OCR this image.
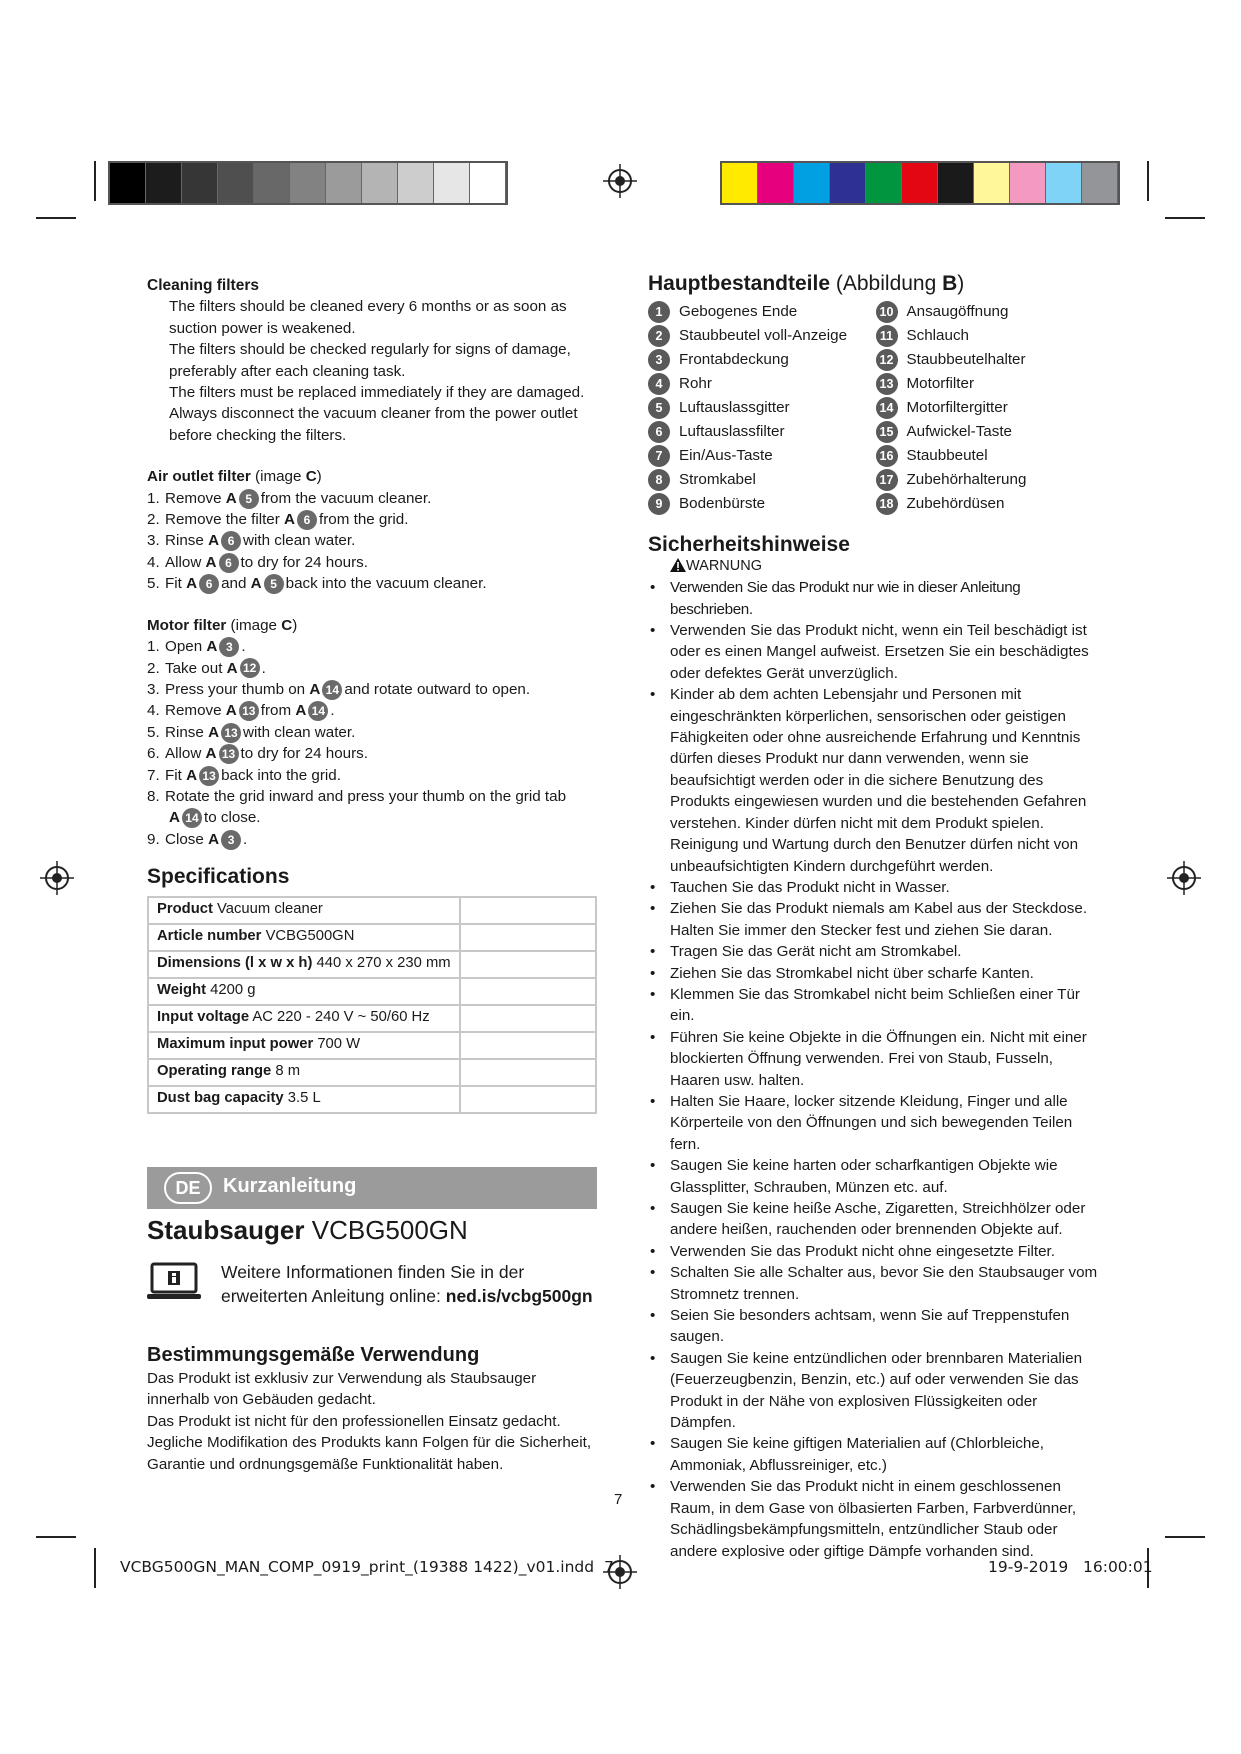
Cleaning filters
The filters should be cleaned every 6 months or as soon as suction power is weakened.
The filters should be checked regularly for signs of damage, preferably after each cleaning task.
The filters must be replaced immediately if they are damaged.
Always disconnect the vacuum cleaner from the power outlet before checking the filters.
Air outlet filter (image C)
1. Remove A 5 from the vacuum cleaner.
2. Remove the filter A 6 from the grid.
3. Rinse A 6 with clean water.
4. Allow A 6 to dry for 24 hours.
5. Fit A 6 and A 5 back into the vacuum cleaner.
Motor filter (image C)
1. Open A 3 .
2. Take out A 12 .
3. Press your thumb on A 14 and rotate outward to open.
4. Remove A 13 from A 14 .
5. Rinse A 13 with clean water.
6. Allow A 13 to dry for 24 hours.
7. Fit A 13 back into the grid.
8. Rotate the grid inward and press your thumb on the grid tab
A 14 to close.
9. Close A 3 .
Specifications
Product Vacuum cleaner	
Article number VCBG500GN	
Dimensions (l x w x h) 440 x 270 x 230 mm	
Weight 4200 g	
Input voltage AC 220 - 240 V ~ 50/60 Hz	
Maximum input power 700 W	
Operating range 8 m	
Dust bag capacity 3.5 L	
DE	Kurzanleitung
Staubsauger VCBG500GN
Weitere Informationen finden Sie in der
erweiterten Anleitung online: ned.is/vcbg500gn
Bestimmungsgemäße Verwendung
Das Produkt ist exklusiv zur Verwendung als Staubsauger innerhalb von Gebäuden gedacht.
Das Produkt ist nicht für den professionellen Einsatz gedacht.
Jegliche Modifikation des Produkts kann Folgen für die Sicherheit, Garantie und ordnungsgemäße Funktionalität haben.
Hauptbestandteile (Abbildung B)
1 Gebogenes Ende
2 Staubbeutel voll-Anzeige
3 Frontabdeckung
4 Rohr
5 Luftauslassgitter
6 Luftauslassfilter
7 Ein/Aus-Taste
8 Stromkabel
9 Bodenbürste
10 Ansaugöffnung
11 Schlauch
12 Staubbeutelhalter
13 Motorfilter
14 Motorfiltergitter
15 Aufwickel-Taste
16 Staubbeutel
17 Zubehörhalterung
18 Zubehördüsen
Sicherheitshinweise
WARNUNG
• Verwenden Sie das Produkt nur wie in dieser Anleitung beschrieben.
• Verwenden Sie das Produkt nicht, wenn ein Teil beschädigt ist oder es einen Mangel aufweist. Ersetzen Sie ein beschädigtes oder defektes Gerät unverzüglich.
• Kinder ab dem achten Lebensjahr und Personen mit eingeschränkten körperlichen, sensorischen oder geistigen Fähigkeiten oder ohne ausreichende Erfahrung und Kenntnis dürfen dieses Produkt nur dann verwenden, wenn sie beaufsichtigt werden oder in die sichere Benutzung des Produkts eingewiesen wurden und die bestehenden Gefahren verstehen. Kinder dürfen nicht mit dem Produkt spielen. Reinigung und Wartung durch den Benutzer dürfen nicht von unbeaufsichtigten Kindern durchgeführt werden.
• Tauchen Sie das Produkt nicht in Wasser.
• Ziehen Sie das Produkt niemals am Kabel aus der Steckdose. Halten Sie immer den Stecker fest und ziehen Sie daran.
• Tragen Sie das Gerät nicht am Stromkabel.
• Ziehen Sie das Stromkabel nicht über scharfe Kanten.
• Klemmen Sie das Stromkabel nicht beim Schließen einer Tür ein.
• Führen Sie keine Objekte in die Öffnungen ein. Nicht mit einer blockierten Öffnung verwenden. Frei von Staub, Fusseln, Haaren usw. halten.
• Halten Sie Haare, locker sitzende Kleidung, Finger und alle Körperteile von den Öffnungen und sich bewegenden Teilen fern.
• Saugen Sie keine harten oder scharfkantigen Objekte wie Glassplitter, Schrauben, Münzen etc. auf.
• Saugen Sie keine heiße Asche, Zigaretten, Streichhölzer oder andere heißen, rauchenden oder brennenden Objekte auf.
• Verwenden Sie das Produkt nicht ohne eingesetzte Filter.
• Schalten Sie alle Schalter aus, bevor Sie den Staubsauger vom Stromnetz trennen.
• Seien Sie besonders achtsam, wenn Sie auf Treppenstufen saugen.
• Saugen Sie keine entzündlichen oder brennbaren Materialien (Feuerzeugbenzin, Benzin, etc.) auf oder verwenden Sie das Produkt in der Nähe von explosiven Flüssigkeiten oder Dämpfen.
• Saugen Sie keine giftigen Materialien auf (Chlorbleiche, Ammoniak, Abflussreiniger, etc.)
• Verwenden Sie das Produkt nicht in einem geschlossenen Raum, in dem Gase von ölbasierten Farben, Farbverdünner, Schädlingsbekämpfungsmitteln, entzündlicher Staub oder andere explosive oder giftige Dämpfe vorhanden sind.
7
VCBG500GN_MAN_COMP_0919_print_(19388 1422)_v01.indd 7	19-9-2019 16:00:01
